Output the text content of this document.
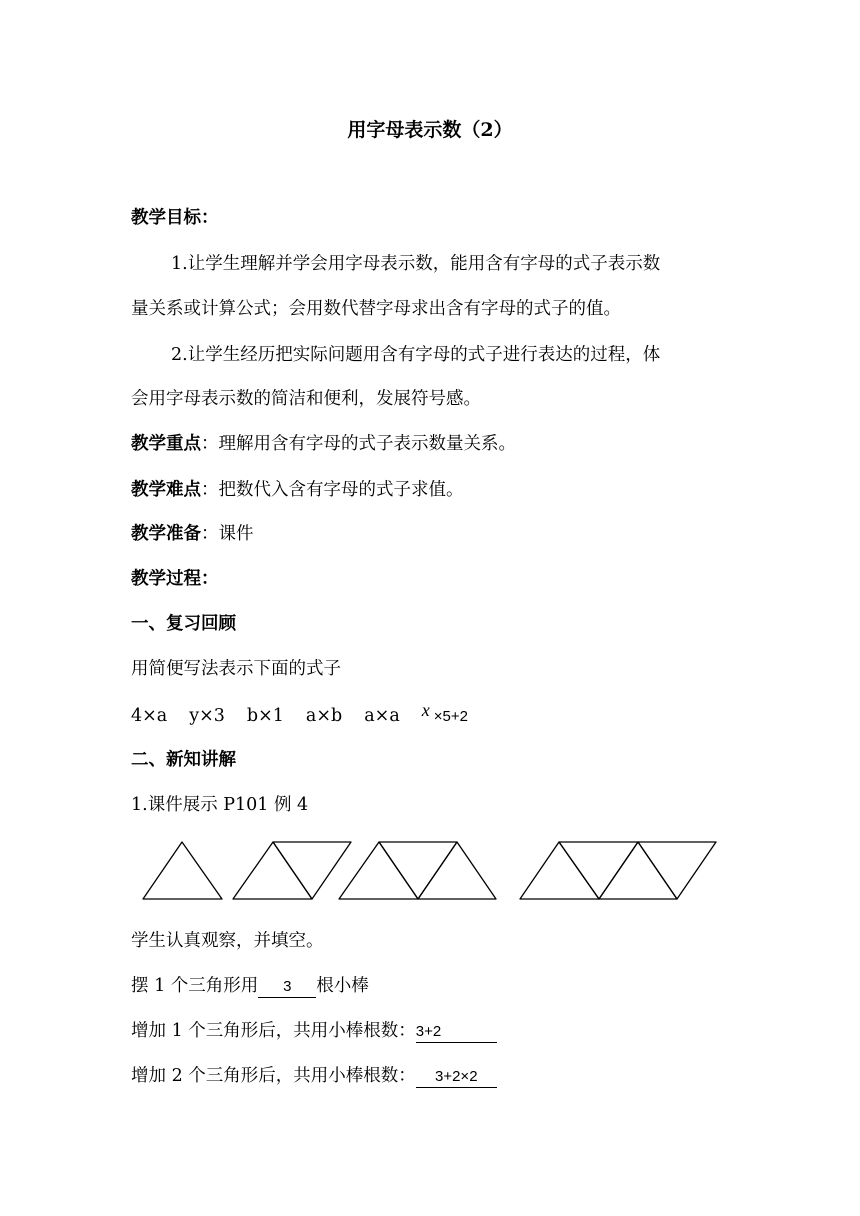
用字母表示数（2）
教学目标：
1.让学生理解并学会用字母表示数，能用含有字母的式子表示数
量关系或计算公式；会用数代替字母求出含有字母的式子的值。
2.让学生经历把实际问题用含有字母的式子进行表达的过程，体
会用字母表示数的简洁和便利，发展符号感。
教学重点：理解用含有字母的式子表示数量关系。
教学难点：把数代入含有字母的式子求值。
教学准备：课件
教学过程：
一、复习回顾
用简便写法表示下面的式子
4×a y×3 b×1 a×b a×a x ×5+2
二、新知讲解
1.课件展示 P101 例 4
学生认真观察，并填空。
摆 1 个三角形用 3 根小棒
增加 1 个三角形后，共用小棒根数：3+2
增加 2 个三角形后，共用小棒根数： 3+2×2
